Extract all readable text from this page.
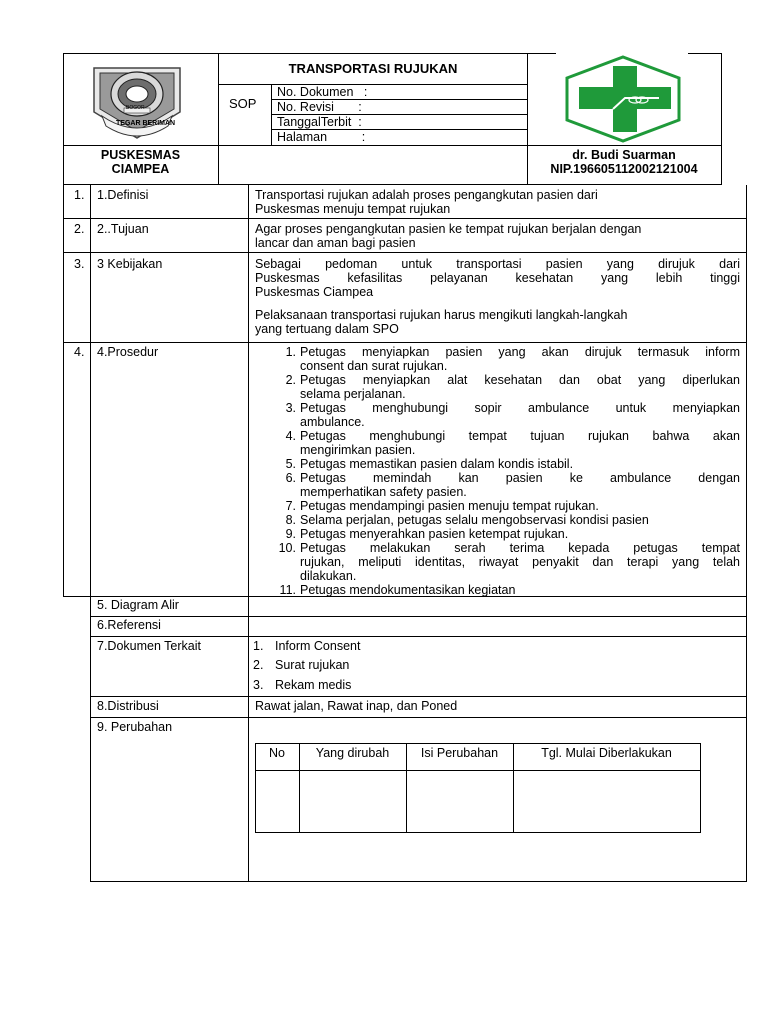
BOGOR
TEGAR BERIMAN
TRANSPORTASI RUJUKAN
SOP
No. Dokumen   :
No. Revisi       :
TanggalTerbit  :
Halaman          :
PUSKESMAS
CIAMPEA
dr. Budi Suarman
NIP.196605112002121004
1. 1.Definisi	Transportasi rujukan adalah proses pengangkutan pasien dari
Puskesmas menuju tempat rujukan
2. 2..Tujuan	Agar proses pengangkutan pasien ke tempat rujukan berjalan dengan
lancar dan aman bagi pasien
3. 3 Kebijakan	Sebagai pedoman untuk transportasi pasien yang dirujuk dari
Puskesmas kefasilitas pelayanan kesehatan yang lebih tinggi
Puskesmas Ciampea
Pelaksanaan transportasi rujukan harus mengikuti langkah-langkah
yang tertuang dalam SPO
4. 4.Prosedur	1. Petugas menyiapkan pasien yang akan dirujuk termasuk inform
consent dan surat rujukan.
2. Petugas menyiapkan alat kesehatan dan obat yang diperlukan
selama perjalanan.
3. Petugas menghubungi sopir ambulance untuk menyiapkan
ambulance.
4. Petugas menghubungi tempat tujuan rujukan bahwa akan
mengirimkan pasien.
5. Petugas memastikan pasien dalam kondis istabil.
6. Petugas memindah kan pasien ke ambulance dengan
memperhatikan safety pasien.
7. Petugas mendampingi pasien menuju tempat rujukan.
8. Selama perjalan, petugas selalu mengobservasi kondisi pasien
9. Petugas menyerahkan pasien ketempat rujukan.
10. Petugas melakukan serah terima kepada petugas tempat
rujukan, meliputi identitas, riwayat penyakit dan terapi yang telah
dilakukan.
11. Petugas mendokumentasikan kegiatan
5. Diagram Alir
6.Referensi
7.Dokumen Terkait	1. Inform Consent
2. Surat rujukan
3. Rekam medis
8.Distribusi	Rawat jalan, Rawat inap, dan Poned
9. Perubahan
No	Yang dirubah	Isi Perubahan	Tgl. Mulai Diberlakukan
